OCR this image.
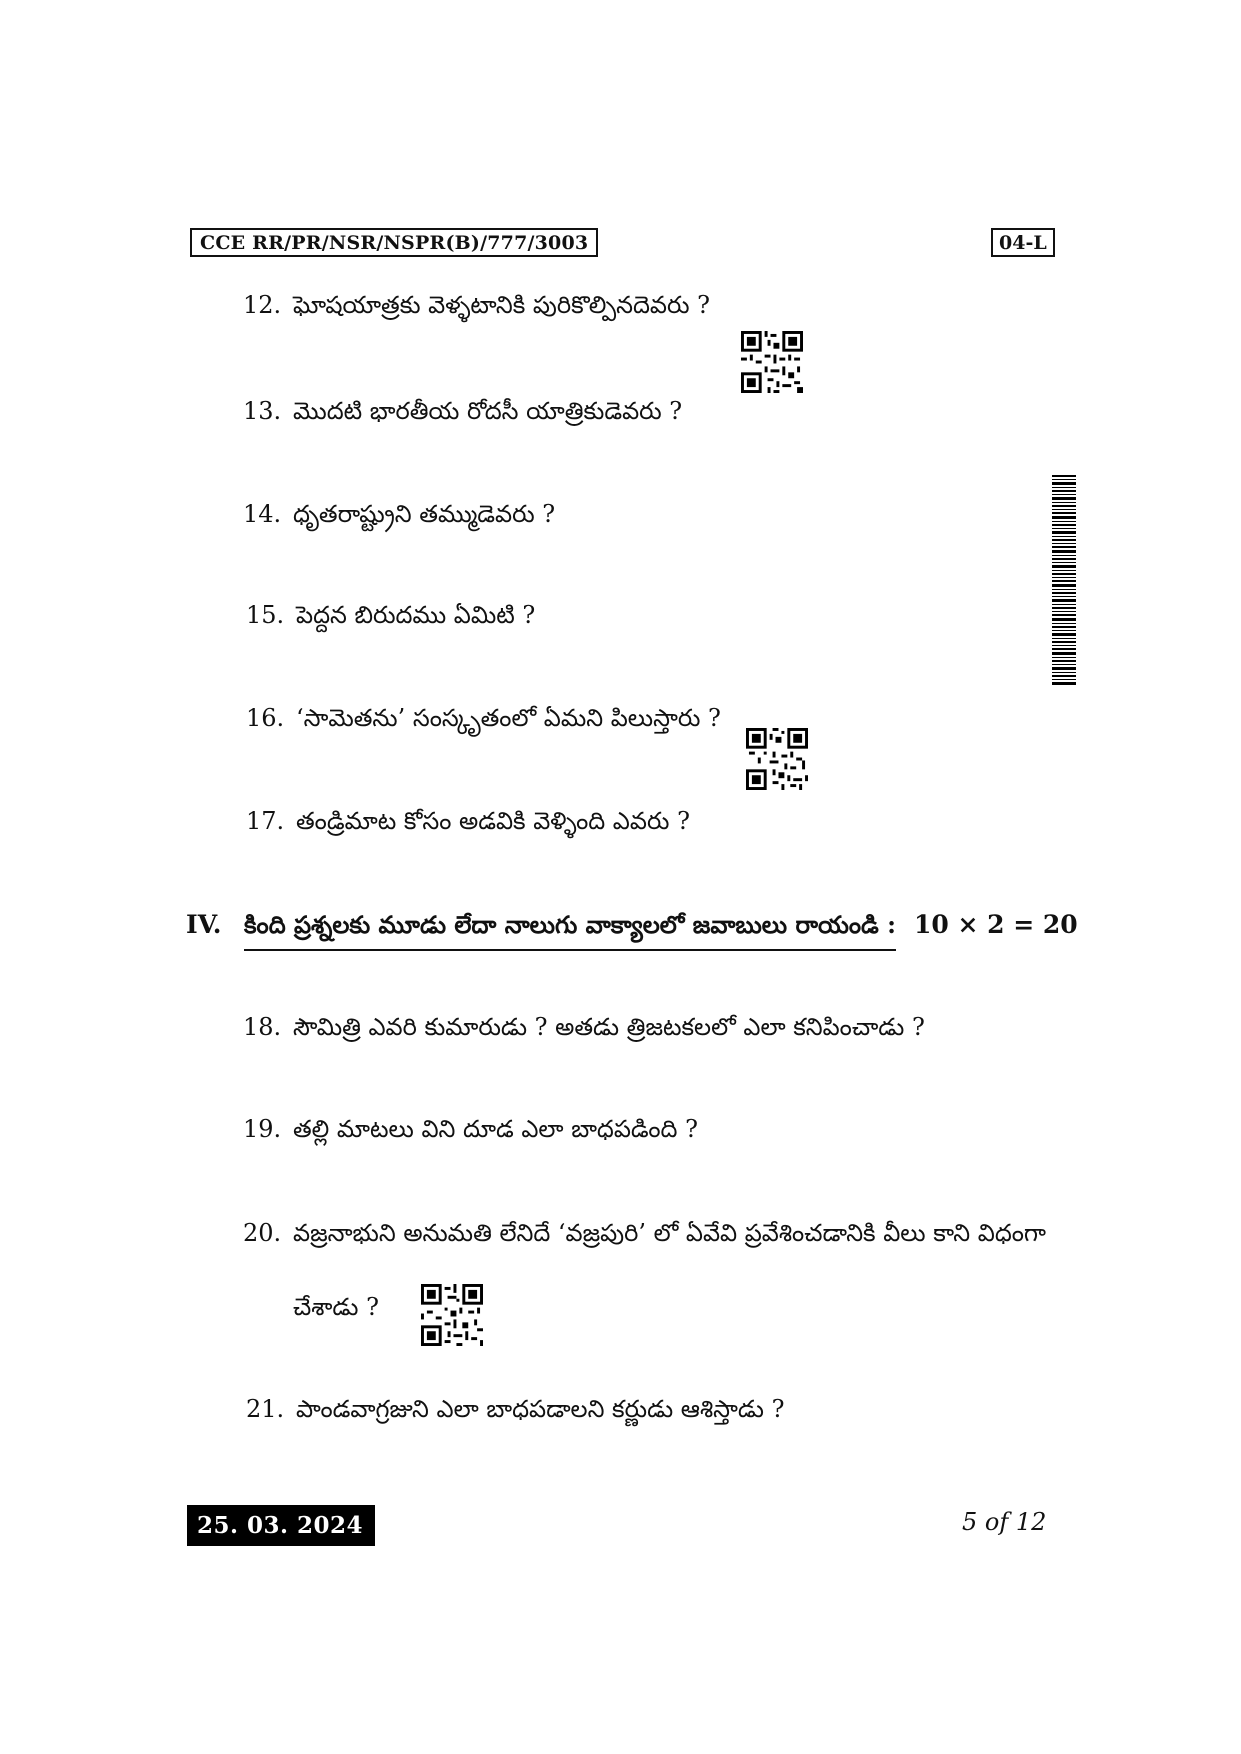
CCE RR/PR/NSR/NSPR(B)/777/3003	04-L
12. ఘోషయాత్రకు వెళ్ళటానికి పురికొల్పినదెవరు ?
13. మొదటి భారతీయ రోదసీ యాత్రికుడెవరు ?
14. ధృతరాష్ట్రుని తమ్ముడెవరు ?
15. పెద్దన బిరుదము ఏమిటి ?
16. ‘సామెతను’ సంస్కృతంలో ఏమని పిలుస్తారు ?
17. తండ్రిమాట కోసం అడవికి వెళ్ళింది ఎవరు ?
IV. కింది ప్రశ్నలకు మూడు లేదా నాలుగు వాక్యాలలో జవాబులు రాయండి : 10 × 2 = 20
18. సౌమిత్రి ఎవరి కుమారుడు ? అతడు త్రిజటకలలో ఎలా కనిపించాడు ?
19. తల్లి మాటలు విని దూడ ఎలా బాధపడింది ?
20. వజ్రనాభుని అనుమతి లేనిదే ‘వజ్రపురి’ లో ఏవేవి ప్రవేశించడానికి వీలు కాని విధంగా
చేశాడు ?
21. పాండవాగ్రజుని ఎలా బాధపడాలని కర్ణుడు ఆశిస్తాడు ?
25. 03. 2024	5 of 12
